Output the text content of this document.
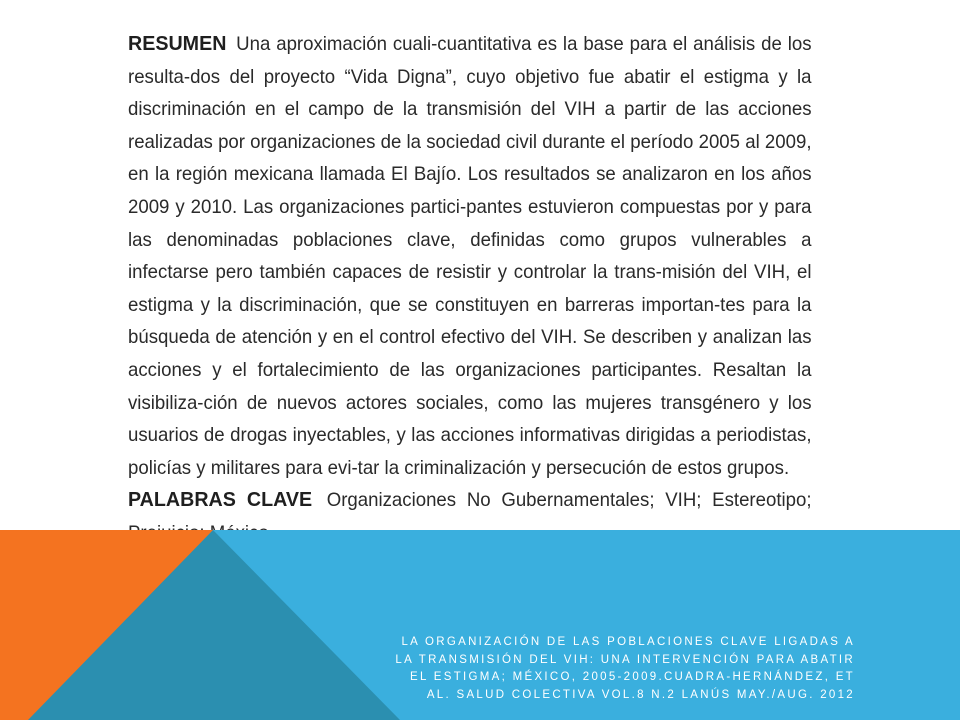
RESUMEN Una aproximación cuali-cuantitativa es la base para el análisis de los resulta-dos del proyecto “Vida Digna”, cuyo objetivo fue abatir el estigma y la discriminación en el campo de la transmisión del VIH a partir de las acciones realizadas por organizaciones de la sociedad civil durante el período 2005 al 2009, en la región mexicana llamada El Bajío. Los resultados se analizaron en los años 2009 y 2010. Las organizaciones partici-pantes estuvieron compuestas por y para las denominadas poblaciones clave, definidas como grupos vulnerables a infectarse pero también capaces de resistir y controlar la trans-misión del VIH, el estigma y la discriminación, que se constituyen en barreras importan-tes para la búsqueda de atención y en el control efectivo del VIH. Se describen y analizan las acciones y el fortalecimiento de las organizaciones participantes. Resaltan la visibiliza-ción de nuevos actores sociales, como las mujeres transgénero y los usuarios de drogas inyectables, y las acciones informativas dirigidas a periodistas, policías y militares para evi-tar la criminalización y persecución de estos grupos.

PALABRAS CLAVE Organizaciones No Gubernamentales; VIH; Estereotipo;

LA ORGANIZACIÓN DE LAS POBLACIONES CLAVE LIGADAS A LA TRANSMISIÓN DEL VIH: UNA INTERVENCIÓN PARA ABATIR EL ESTIGMA; MÉXICO, 2005-2009.CUADRA-HERNÁNDEZ, ET AL. SALUD COLECTIVA VOL.8 N.2 LANÚS MAY./AUG. 2012
